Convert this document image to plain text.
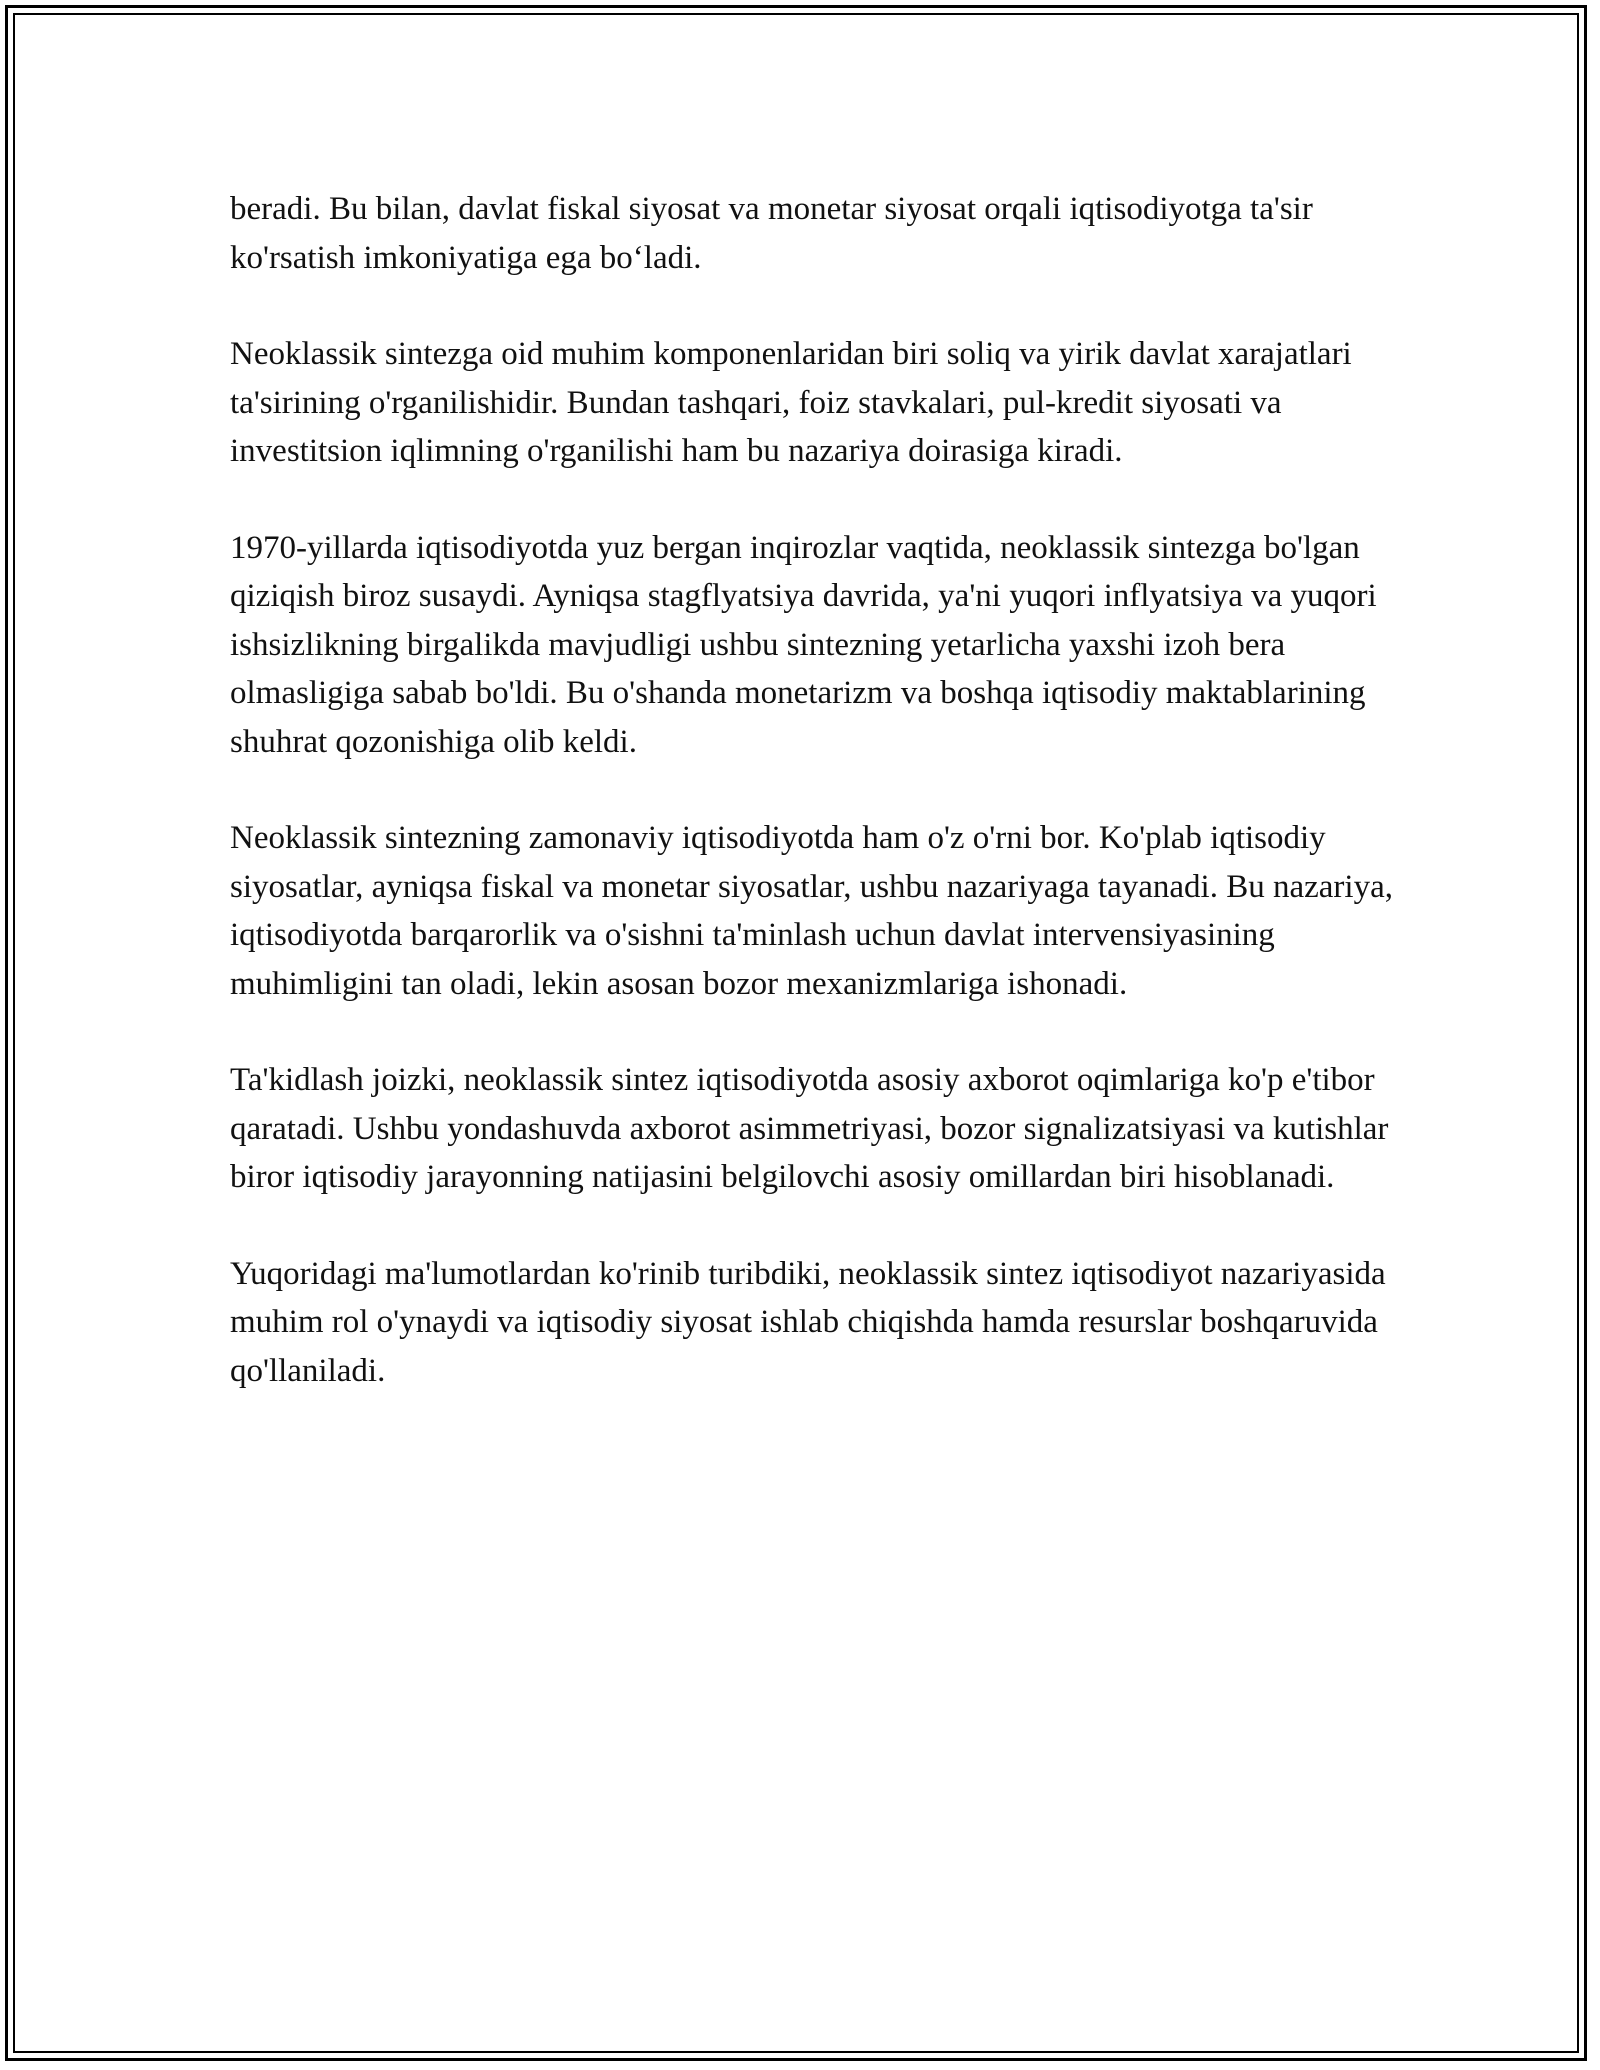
beradi. Bu bilan, davlat fiskal siyosat va monetar siyosat orqali iqtisodiyotga ta'sir ko'rsatish imkoniyatiga ega bo‘ladi.

Neoklassik sintezga oid muhim komponenlaridan biri soliq va yirik davlat xarajatlari ta'sirining o'rganilishidir. Bundan tashqari, foiz stavkalari, pul-kredit siyosati va investitsion iqlimning o'rganilishi ham bu nazariya doirasiga kiradi.

1970-yillarda iqtisodiyotda yuz bergan inqirozlar vaqtida, neoklassik sintezga bo'lgan qiziqish biroz susaydi. Ayniqsa stagflyatsiya davrida, ya'ni yuqori inflyatsiya va yuqori ishsizlikning birgalikda mavjudligi ushbu sintezning yetarlicha yaxshi izoh bera olmasligiga sabab bo'ldi. Bu o'shanda monetarizm va boshqa iqtisodiy maktablarining shuhrat qozonishiga olib keldi.

Neoklassik sintezning zamonaviy iqtisodiyotda ham o'z o'rni bor. Ko'plab iqtisodiy siyosatlar, ayniqsa fiskal va monetar siyosatlar, ushbu nazariyaga tayanadi. Bu nazariya, iqtisodiyotda barqarorlik va o'sishni ta'minlash uchun davlat intervensiyasining muhimligini tan oladi, lekin asosan bozor mexanizmlariga ishonadi.

Ta'kidlash joizki, neoklassik sintez iqtisodiyotda asosiy axborot oqimlariga ko'p e'tibor qaratadi. Ushbu yondashuvda axborot asimmetriyasi, bozor signalizatsiyasi va kutishlar biror iqtisodiy jarayonning natijasini belgilovchi asosiy omillardan biri hisoblanadi.

Yuqoridagi ma'lumotlardan ko'rinib turibdiki, neoklassik sintez iqtisodiyot nazariyasida muhim rol o'ynaydi va iqtisodiy siyosat ishlab chiqishda hamda resurslar boshqaruvida qo'llaniladi.
